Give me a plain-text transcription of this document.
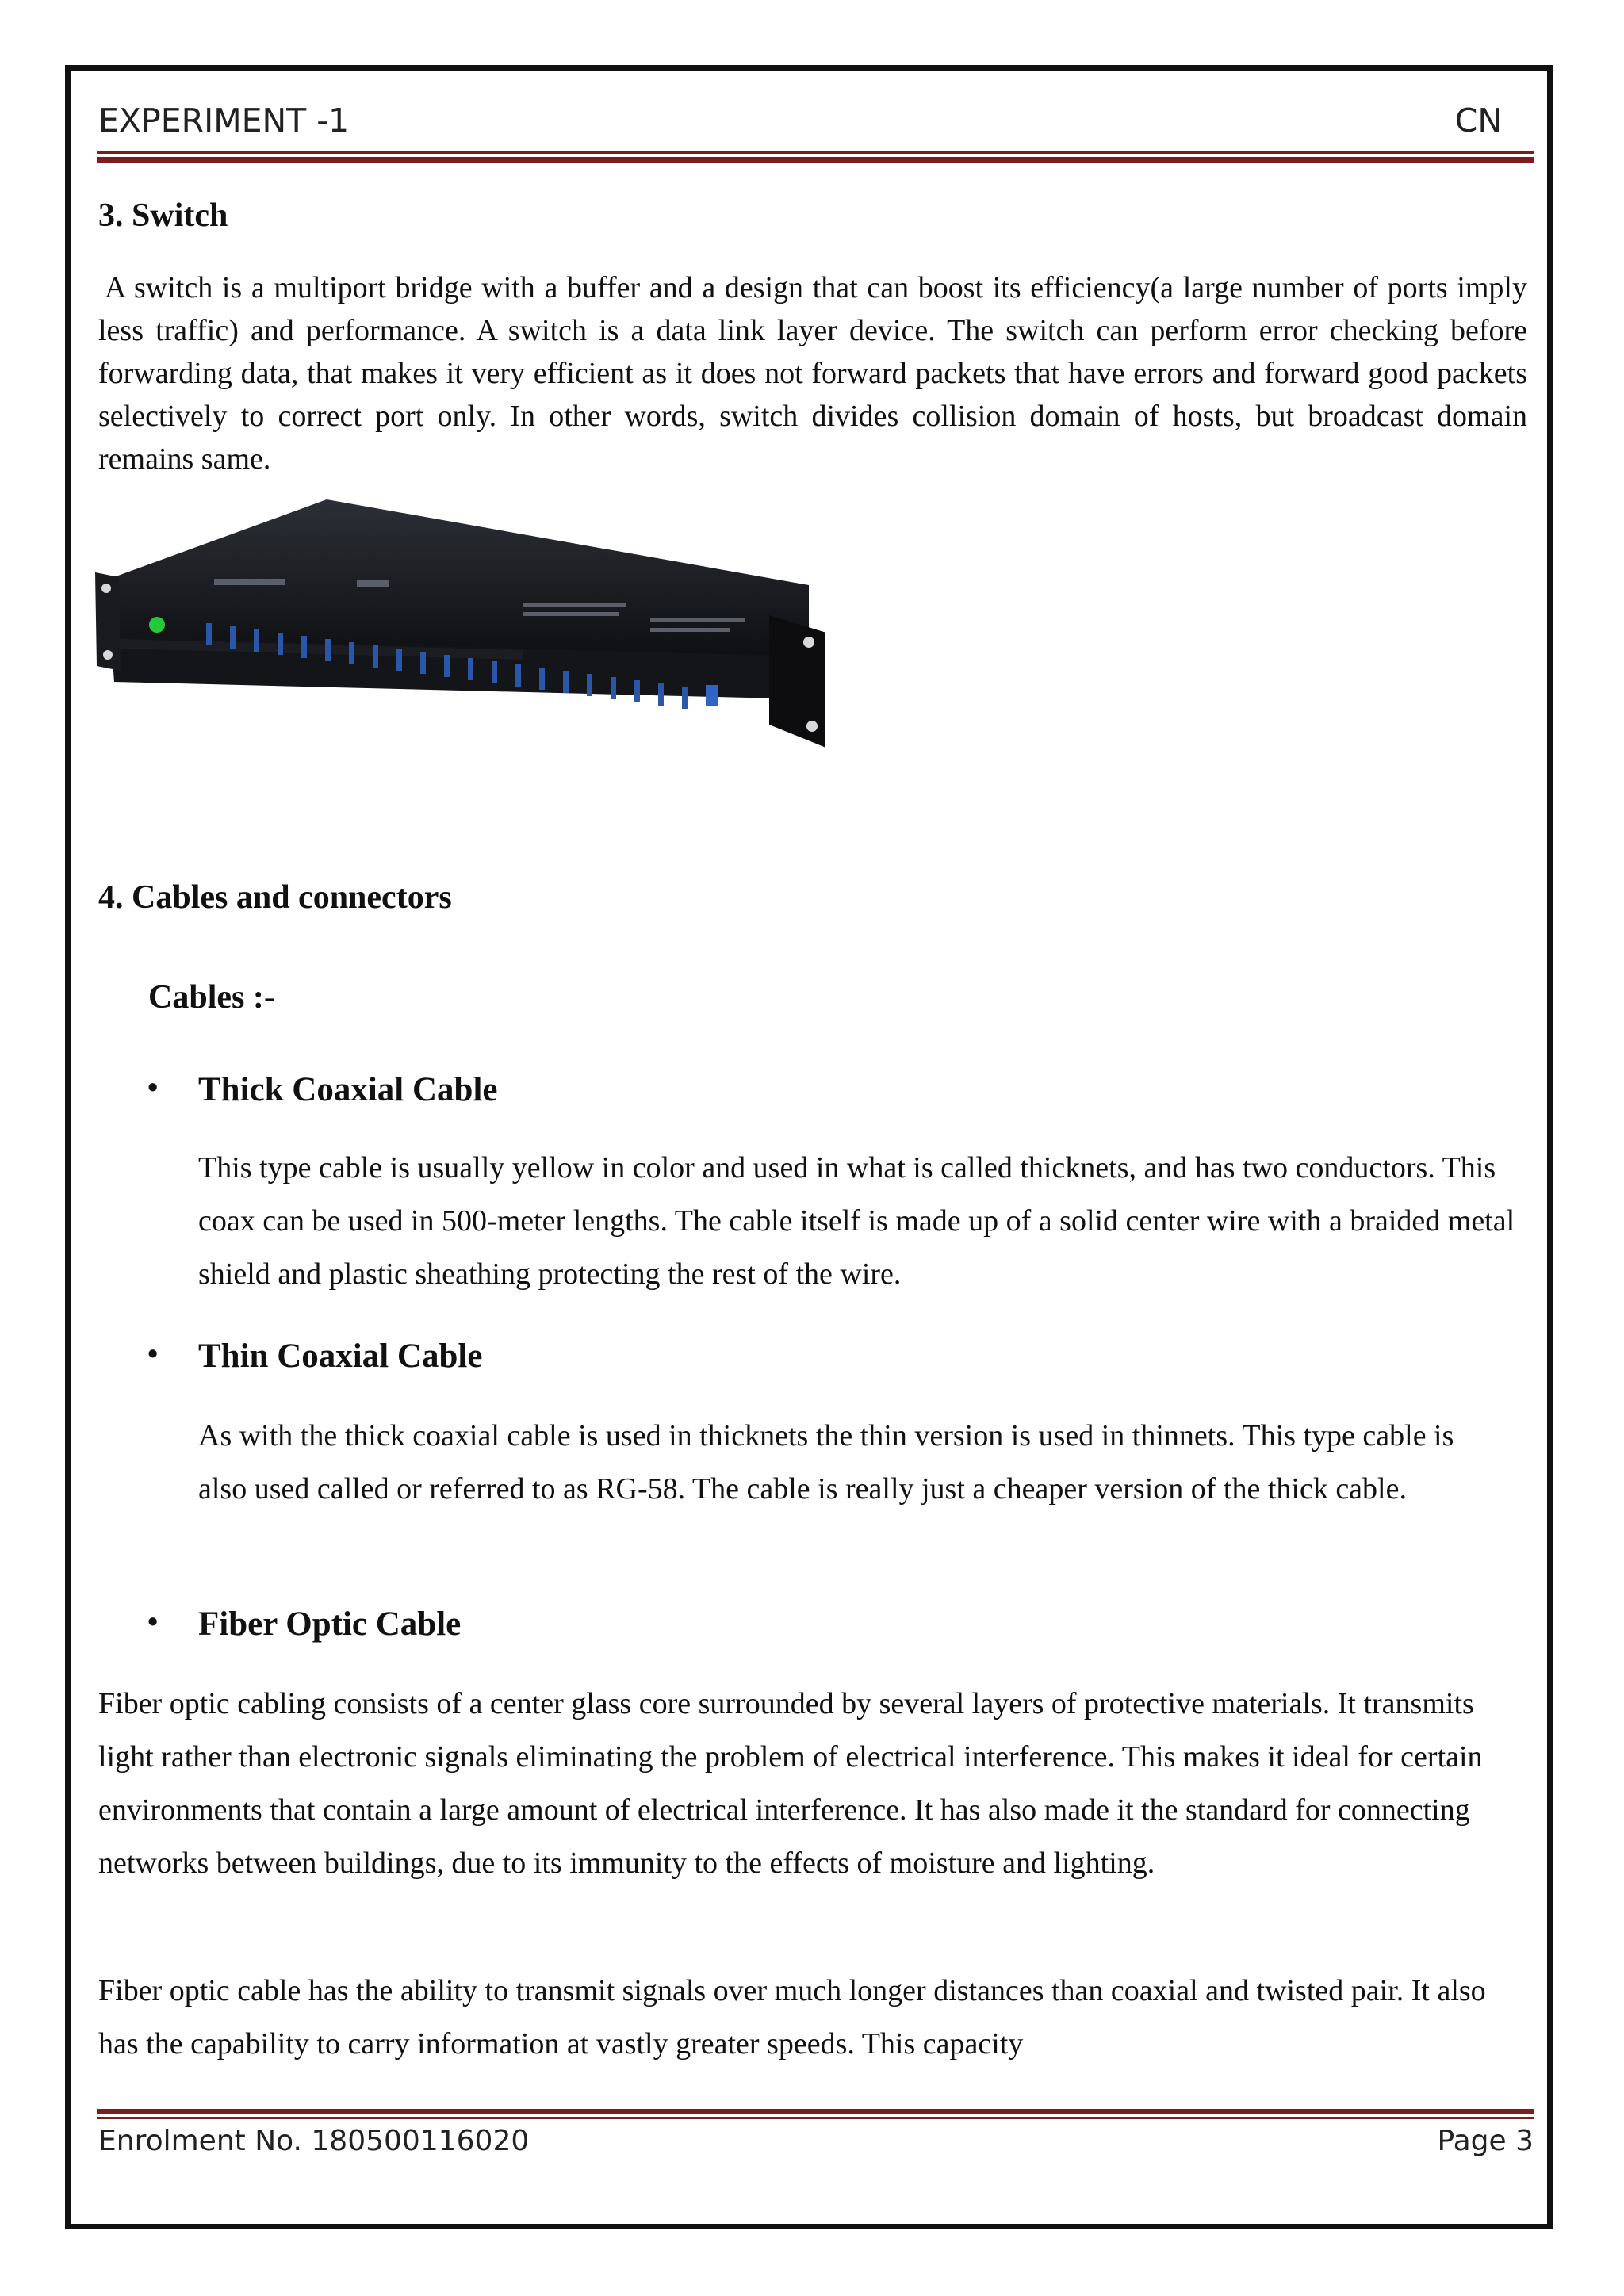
EXPERIMENT -1	CN
3. Switch
A switch is a multiport bridge with a buffer and a design that can boost its efficiency(a large number of ports imply less traffic) and performance. A switch is a data link layer device. The switch can perform error checking before forwarding data, that makes it very efficient as it does not forward packets that have errors and forward good packets selectively to correct port only. In other words, switch divides collision domain of hosts, but broadcast domain remains same.
4. Cables and connectors
Cables :-
• Thick Coaxial Cable
This type cable is usually yellow in color and used in what is called thicknets, and has two conductors. This coax can be used in 500-meter lengths. The cable itself is made up of a solid center wire with a braided metal shield and plastic sheathing protecting the rest of the wire.
• Thin Coaxial Cable
As with the thick coaxial cable is used in thicknets the thin version is used in thinnets. This type cable is also used called or referred to as RG-58. The cable is really just a cheaper version of the thick cable.
• Fiber Optic Cable
Fiber optic cabling consists of a center glass core surrounded by several layers of protective materials. It transmits light rather than electronic signals eliminating the problem of electrical interference. This makes it ideal for certain environments that contain a large amount of electrical interference. It has also made it the standard for connecting networks between buildings, due to its immunity to the effects of moisture and lighting.
Fiber optic cable has the ability to transmit signals over much longer distances than coaxial and twisted pair. It also has the capability to carry information at vastly greater speeds. This capacity
Enrolment No. 180500116020	Page 3
